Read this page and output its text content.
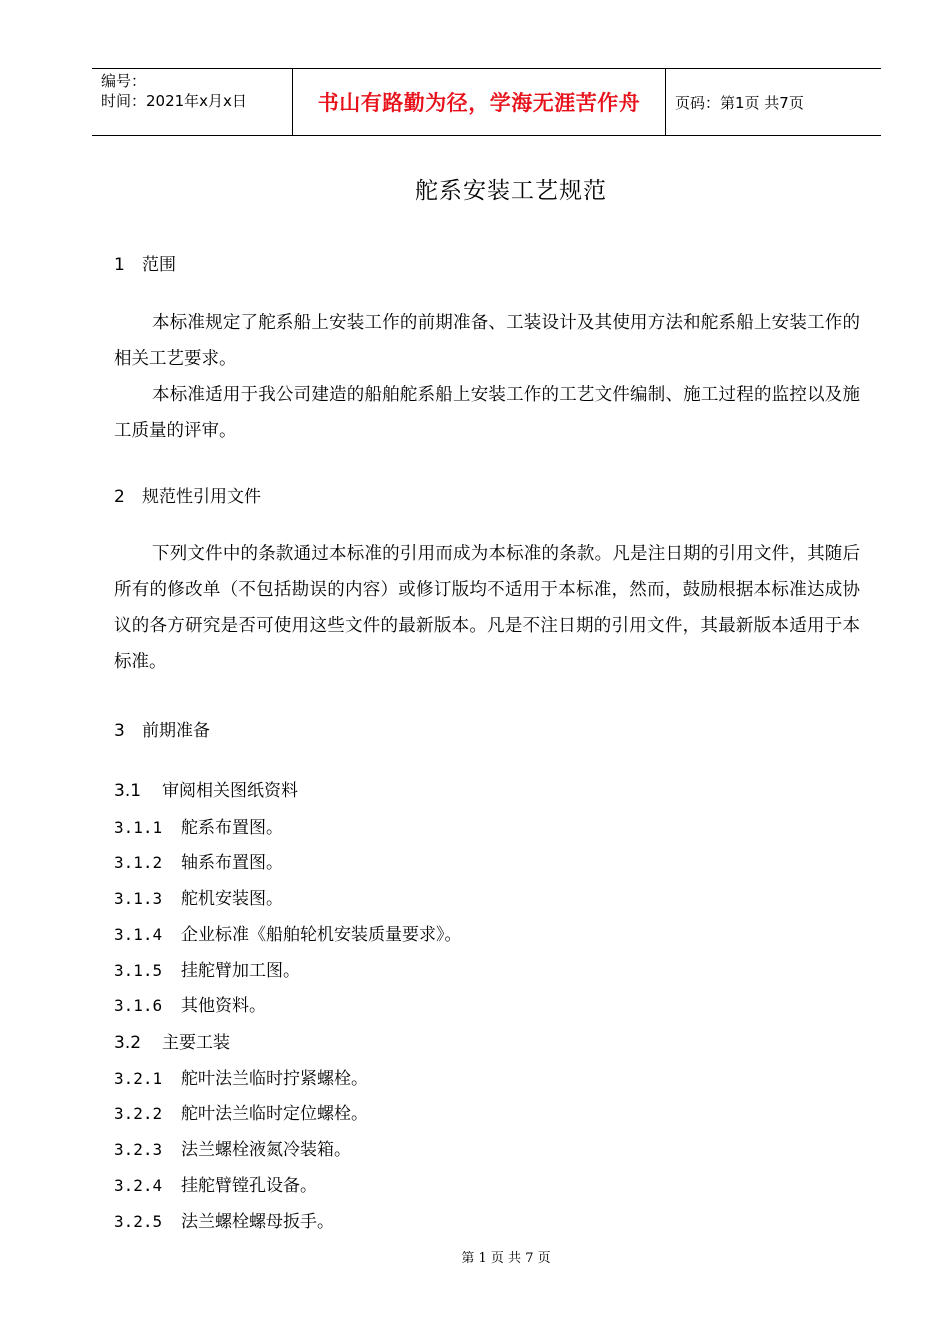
编号：
时间：2021年x月x日	书山有路勤为径，学海无涯苦作舟	页码：第1页 共7页
舵系安装工艺规范
1 范围

本标准规定了舵系船上安装工作的前期准备、工装设计及其使用方法和舵系船上安装工作的相关工艺要求。

本标准适用于我公司建造的船舶舵系船上安装工作的工艺文件编制、施工过程的监控以及施工质量的评审。

2 规范性引用文件

下列文件中的条款通过本标准的引用而成为本标准的条款。凡是注日期的引用文件，其随后所有的修改单（不包括勘误的内容）或修订版均不适用于本标准，然而，鼓励根据本标准达成协议的各方研究是否可使用这些文件的最新版本。凡是不注日期的引用文件，其最新版本适用于本标准。

3 前期准备
3.1 审阅相关图纸资料
3.1.1 舵系布置图。
3.1.2 轴系布置图。
3.1.3 舵机安装图。
3.1.4 企业标准《船舶轮机安装质量要求》。
3.1.5 挂舵臂加工图。
3.1.6 其他资料。
3.2 主要工装
3.2.1 舵叶法兰临时拧紧螺栓。
3.2.2 舵叶法兰临时定位螺栓。
3.2.3 法兰螺栓液氮冷装箱。
3.2.4 挂舵臂镗孔设备。
3.2.5 法兰螺栓螺母扳手。
第 1 页 共 7 页
